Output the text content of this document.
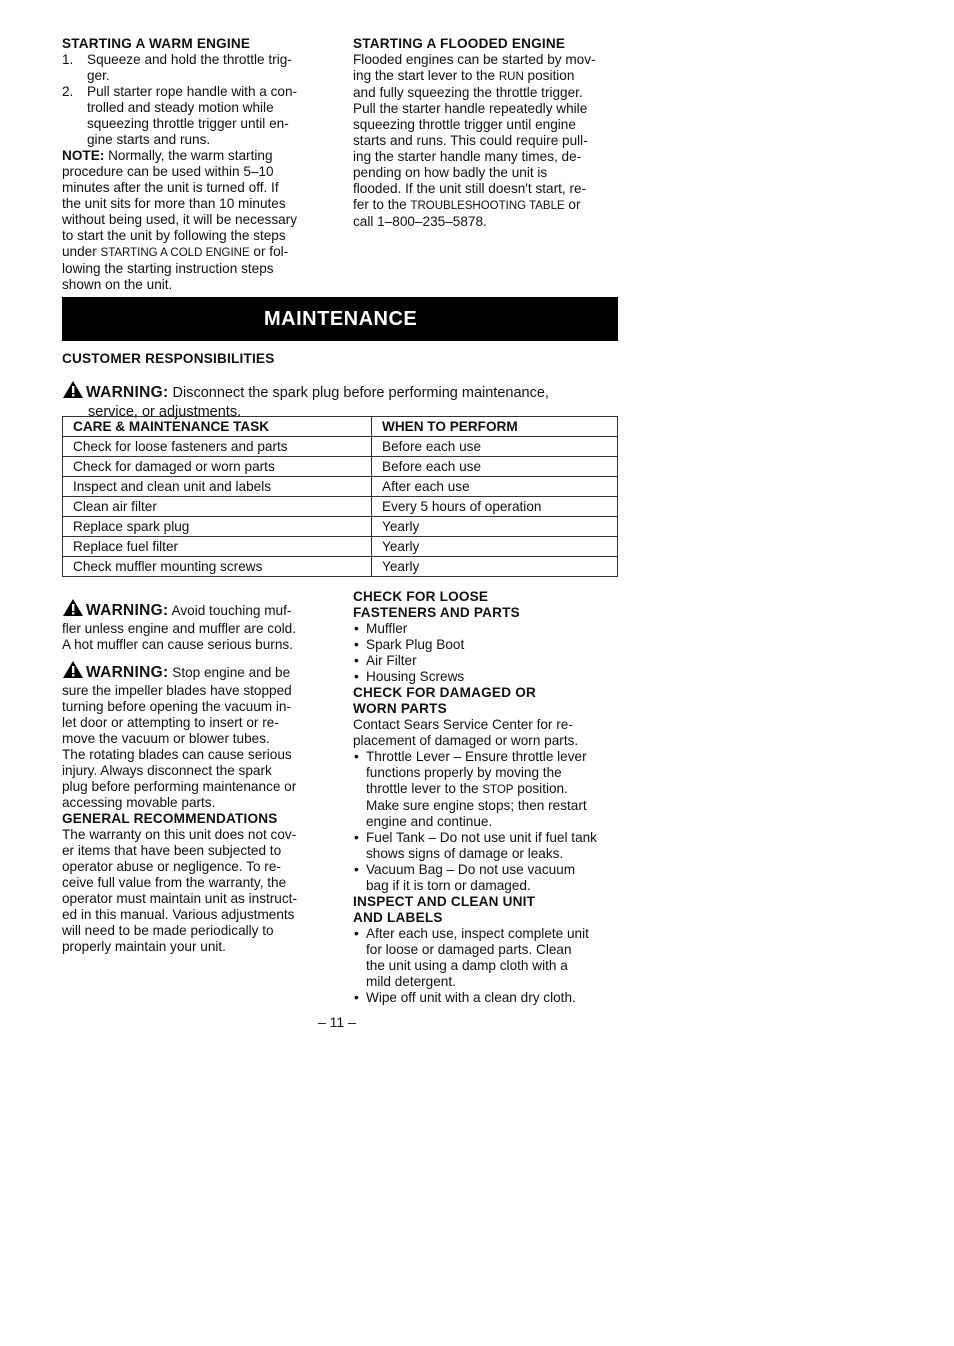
STARTING A WARM ENGINE
1. Squeeze and hold the throttle trig-
ger.
2. Pull starter rope handle with a con-
trolled and steady motion while
squeezing throttle trigger until en-
gine starts and runs.
NOTE: Normally, the warm starting
procedure can be used within 5–10
minutes after the unit is turned off. If
the unit sits for more than 10 minutes
without being used, it will be necessary
to start the unit by following the steps
under STARTING A COLD ENGINE or fol-
lowing the starting instruction steps
shown on the unit.
STARTING A FLOODED ENGINE
Flooded engines can be started by mov-
ing the start lever to the RUN position
and fully squeezing the throttle trigger.
Pull the starter handle repeatedly while
squeezing throttle trigger until engine
starts and runs. This could require pull-
ing the starter handle many times, de-
pending on how badly the unit is
flooded. If the unit still doesn't start, re-
fer to the TROUBLESHOOTING TABLE or
call 1–800–235–5878.
MAINTENANCE
CUSTOMER RESPONSIBILITIES
WARNING: Disconnect the spark plug before performing maintenance,
service, or adjustments.
CARE & MAINTENANCE TASK	WHEN TO PERFORM
Check for loose fasteners and parts	Before each use
Check for damaged or worn parts	Before each use
Inspect and clean unit and labels	After each use
Clean air filter	Every 5 hours of operation
Replace spark plug	Yearly
Replace fuel filter	Yearly
Check muffler mounting screws	Yearly
WARNING: Avoid touching muf-
fler unless engine and muffler are cold.
A hot muffler can cause serious burns.
WARNING: Stop engine and be
sure the impeller blades have stopped
turning before opening the vacuum in-
let door or attempting to insert or re-
move the vacuum or blower tubes.
The rotating blades can cause serious
injury. Always disconnect the spark
plug before performing maintenance or
accessing movable parts.
GENERAL RECOMMENDATIONS
The warranty on this unit does not cov-
er items that have been subjected to
operator abuse or negligence. To re-
ceive full value from the warranty, the
operator must maintain unit as instruct-
ed in this manual. Various adjustments
will need to be made periodically to
properly maintain your unit.
CHECK FOR LOOSE
FASTENERS AND PARTS
• Muffler
• Spark Plug Boot
• Air Filter
• Housing Screws
CHECK FOR DAMAGED OR
WORN PARTS
Contact Sears Service Center for re-
placement of damaged or worn parts.
• Throttle Lever – Ensure throttle lever
functions properly by moving the
throttle lever to the STOP position.
Make sure engine stops; then restart
engine and continue.
• Fuel Tank – Do not use unit if fuel tank
shows signs of damage or leaks.
• Vacuum Bag – Do not use vacuum
bag if it is torn or damaged.
INSPECT AND CLEAN UNIT
AND LABELS
• After each use, inspect complete unit
for loose or damaged parts. Clean
the unit using a damp cloth with a
mild detergent.
• Wipe off unit with a clean dry cloth.
– 11 –
